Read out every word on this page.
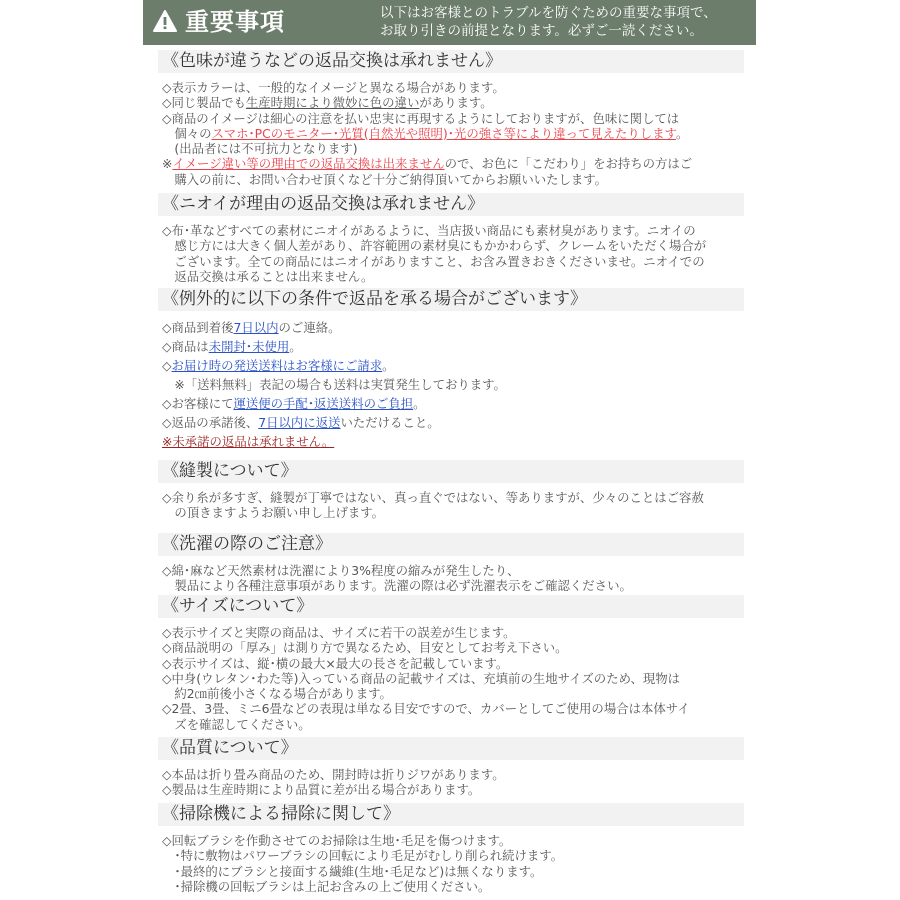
重要事項	以下はお客様とのトラブルを防ぐための重要な事項で、
お取り引きの前提となります。必ずご一読ください。
《色味が違うなどの返品交換は承れません》
◇表示カラーは、一般的なイメージと異なる場合があります。
◇同じ製品でも生産時期により微妙に色の違いがあります。
◇商品のイメージは細心の注意を払い忠実に再現するようにしておりますが、色味に関しては
　個々のスマホ･PCのモニター･光質(自然光や照明)･光の強さ等により違って見えたりします。
　(出品者には不可抗力となります)
※イメージ違い等の理由での返品交換は出来ませんので、お色に「こだわり」をお持ちの方はご
　購入の前に、お問い合わせ頂くなど十分ご納得頂いてからお願いいたします。
《ニオイが理由の返品交換は承れません》
◇布･革などすべての素材にニオイがあるように、当店扱い商品にも素材臭があります。ニオイの
　感じ方には大きく個人差があり、許容範囲の素材臭にもかかわらず、クレームをいただく場合が
　ございます。全ての商品にはニオイがありますこと、お含み置きおきくださいませ。ニオイでの
　返品交換は承ることは出来ません。
《例外的に以下の条件で返品を承る場合がございます》
◇商品到着後7日以内のご連絡。
◇商品は未開封･未使用。
◇お届け時の発送送料はお客様にご請求。
　※「送料無料」表記の場合も送料は実質発生しております。
◇お客様にて運送便の手配･返送送料のご負担。
◇返品の承諾後、7日以内に返送いただけること。
※未承諾の返品は承れません。
《縫製について》
◇余り糸が多すぎ、縫製が丁寧ではない、真っ直ぐではない、等ありますが、少々のことはご容赦
　の頂きますようお願い申し上げます。
《洗濯の際のご注意》
◇綿･麻など天然素材は洗濯により3%程度の縮みが発生したり、
　製品により各種注意事項があります。洗濯の際は必ず洗濯表示をご確認ください。
《サイズについて》
◇表示サイズと実際の商品は、サイズに若干の誤差が生じます。
◇商品説明の「厚み」は測り方で異なるため、目安としてお考え下さい。
◇表示サイズは、縦･横の最大×最大の長さを記載しています。
◇中身(ウレタン･わた等)入っている商品の記載サイズは、充填前の生地サイズのため、現物は
　約2㎝前後小さくなる場合があります。
◇2畳、3畳、ミニ6畳などの表現は単なる目安ですので、カバーとしてご使用の場合は本体サイ
　ズを確認してください。
《品質について》
◇本品は折り畳み商品のため、開封時は折りジワがあります。
◇製品は生産時期により品質に差が出る場合があります。
《掃除機による掃除に関して》
◇回転ブラシを作動させてのお掃除は生地･毛足を傷つけます。
　･特に敷物はパワーブラシの回転により毛足がむしり削られ続けます。
　･最終的にブラシと接面する繊維(生地･毛足など)は無くなります。
　･掃除機の回転ブラシは上記お含みの上ご使用ください。
